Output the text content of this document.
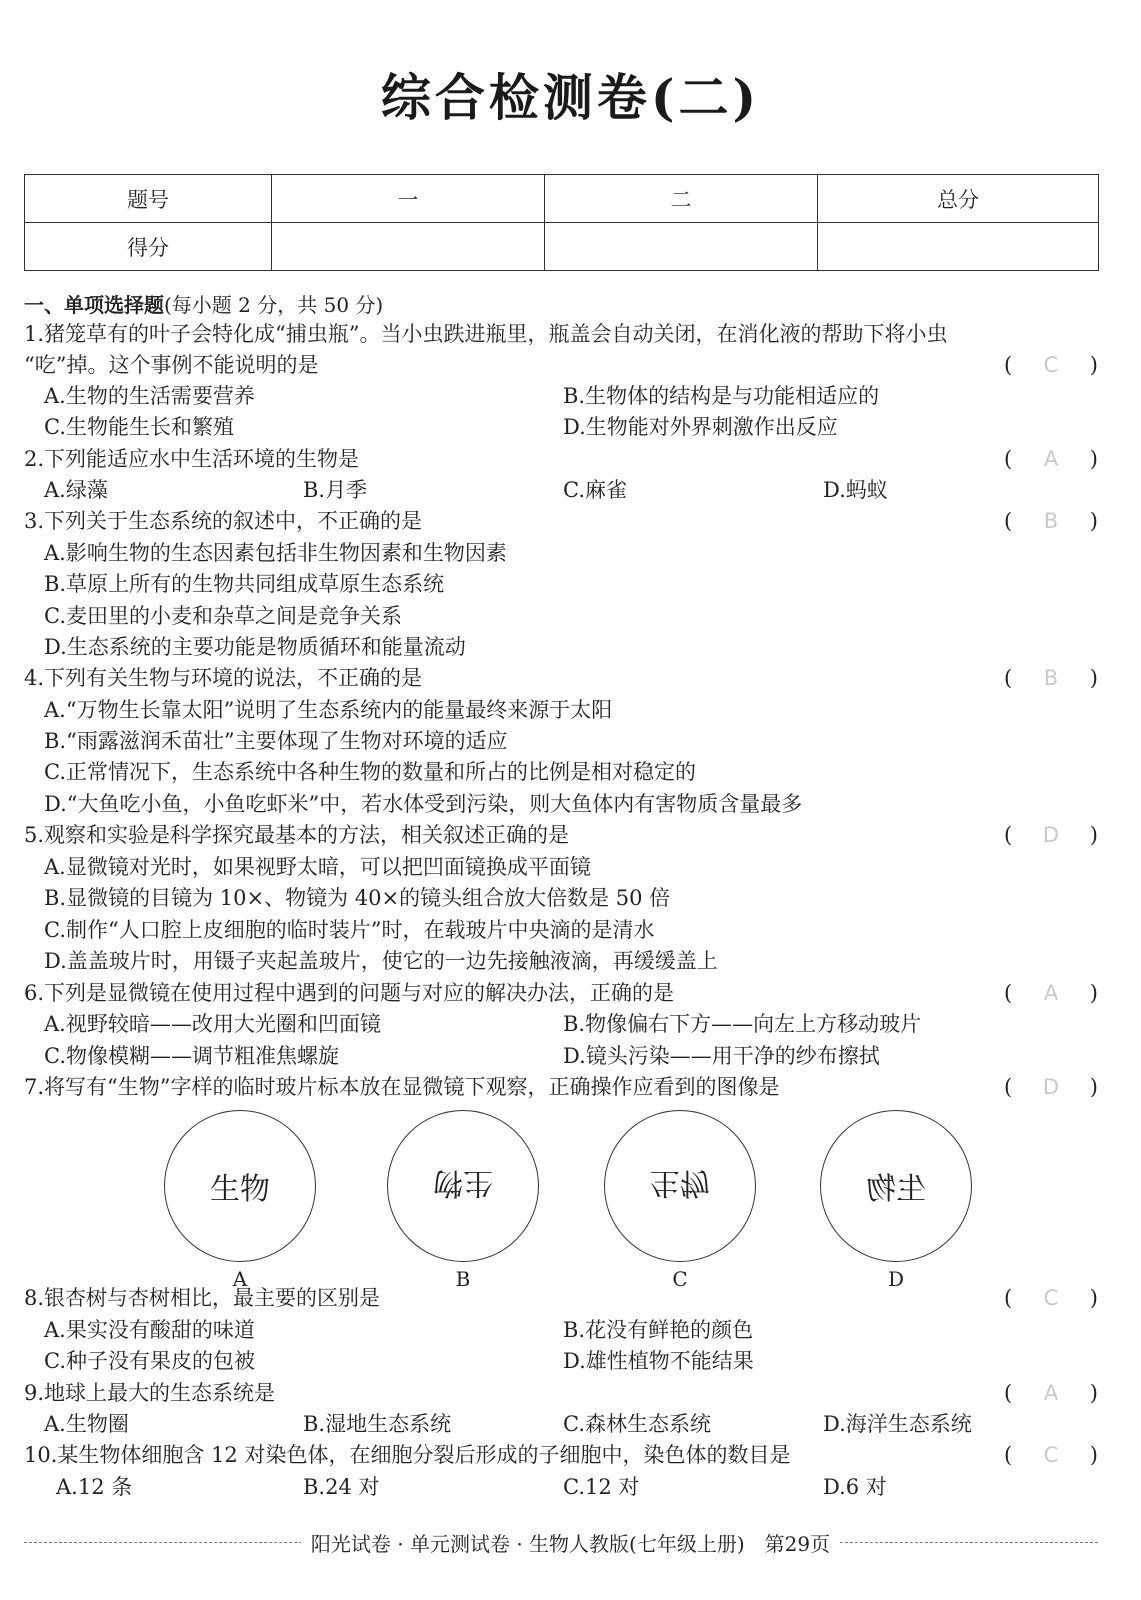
综合检测卷(二)
题号	一	二	总分
得分			
一、单项选择题(每小题 2 分，共 50 分)
1.猪笼草有的叶子会特化成“捕虫瓶”。当小虫跌进瓶里，瓶盖会自动关闭，在消化液的帮助下将小虫
“吃”掉。这个事例不能说明的是	( C )
A.生物的生活需要营养	B.生物体的结构是与功能相适应的
C.生物能生长和繁殖	D.生物能对外界刺激作出反应
2.下列能适应水中生活环境的生物是	( A )
A.绿藻	B.月季	C.麻雀	D.蚂蚁
3.下列关于生态系统的叙述中，不正确的是	( B )
A.影响生物的生态因素包括非生物因素和生物因素
B.草原上所有的生物共同组成草原生态系统
C.麦田里的小麦和杂草之间是竞争关系
D.生态系统的主要功能是物质循环和能量流动
4.下列有关生物与环境的说法，不正确的是	( B )
A.“万物生长靠太阳”说明了生态系统内的能量最终来源于太阳
B.“雨露滋润禾苗壮”主要体现了生物对环境的适应
C.正常情况下，生态系统中各种生物的数量和所占的比例是相对稳定的
D.“大鱼吃小鱼，小鱼吃虾米”中，若水体受到污染，则大鱼体内有害物质含量最多
5.观察和实验是科学探究最基本的方法，相关叙述正确的是	( D )
A.显微镜对光时，如果视野太暗，可以把凹面镜换成平面镜
B.显微镜的目镜为 10×、物镜为 40×的镜头组合放大倍数是 50 倍
C.制作“人口腔上皮细胞的临时装片”时，在载玻片中央滴的是清水
D.盖盖玻片时，用镊子夹起盖玻片，使它的一边先接触液滴，再缓缓盖上
6.下列是显微镜在使用过程中遇到的问题与对应的解决办法，正确的是	( A )
A.视野较暗——改用大光圈和凹面镜	B.物像偏右下方——向左上方移动玻片
C.物像模糊——调节粗准焦螺旋	D.镜头污染——用干净的纱布擦拭
7.将写有“生物”字样的临时玻片标本放在显微镜下观察，正确操作应看到的图像是	( D )
生物	生物	生物	生物
A	B	C	D
8.银杏树与杏树相比，最主要的区别是	( C )
A.果实没有酸甜的味道	B.花没有鲜艳的颜色
C.种子没有果皮的包被	D.雄性植物不能结果
9.地球上最大的生态系统是	( A )
A.生物圈	B.湿地生态系统	C.森林生态系统	D.海洋生态系统
10.某生物体细胞含 12 对染色体，在细胞分裂后形成的子细胞中，染色体的数目是	( C )
A.12 条	B.24 对	C.12 对	D.6 对
阳光试卷 · 单元测试卷 · 生物人教版(七年级上册)　第29页
